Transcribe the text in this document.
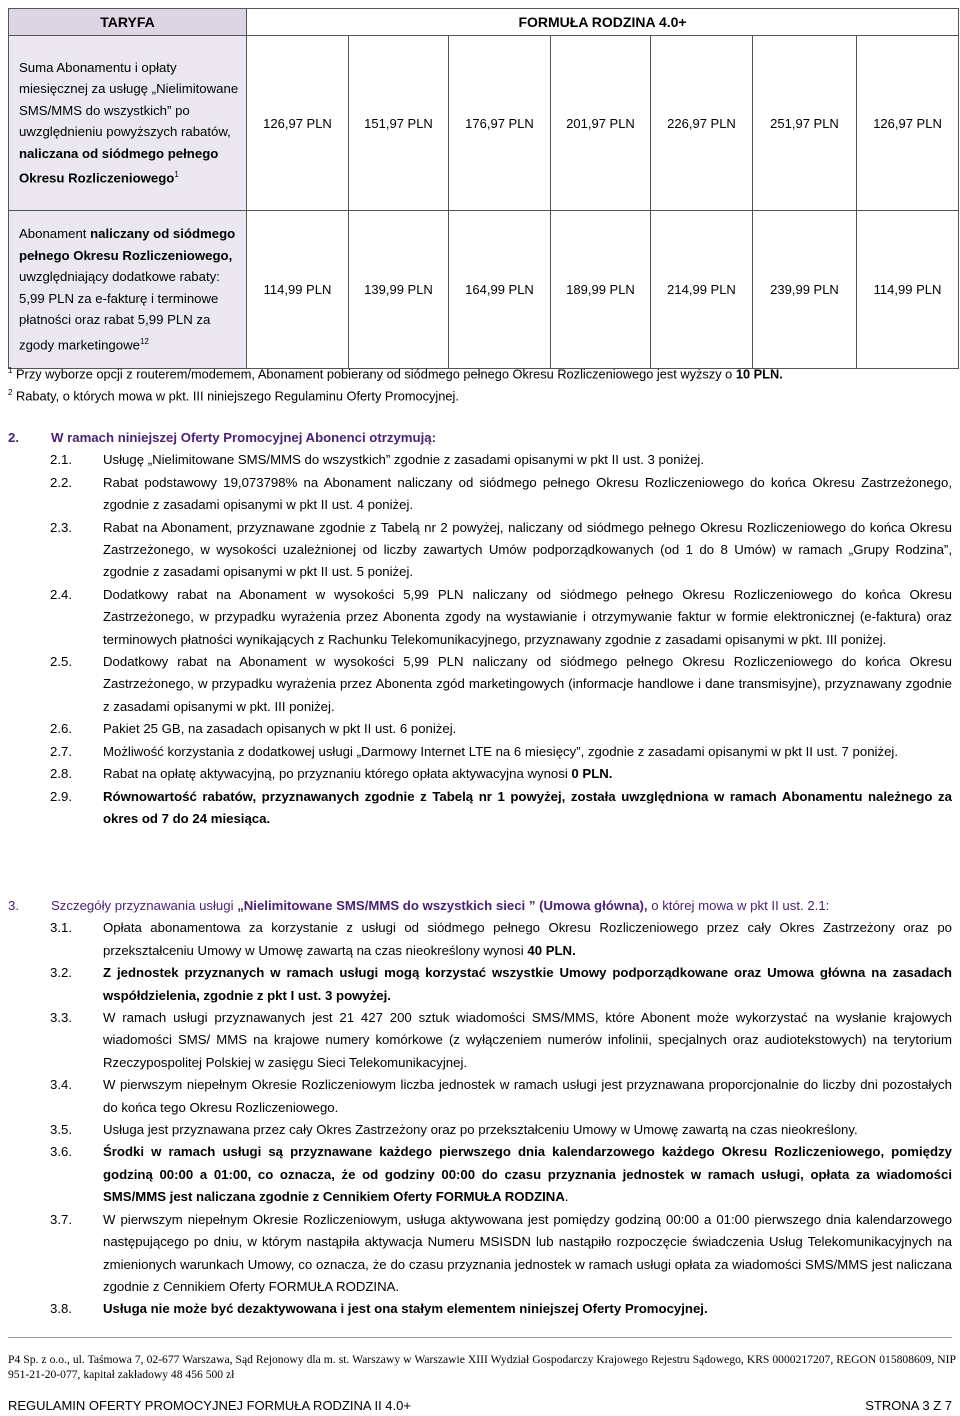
TARYFA	FORMUŁA RODZINA 4.0+						
Suma Abonamentu i opłaty miesięcznej za usługę „Nielimitowane SMS/MMS do wszystkich” po uwzględnieniu powyższych rabatów, naliczana od siódmego pełnego Okresu Rozliczeniowego$^1$	126,97 PLN	151,97 PLN	176,97 PLN	201,97 PLN	226,97 PLN	251,97 PLN	126,97 PLN
Abonament naliczany od siódmego pełnego Okresu Rozliczeniowego, uwzględniający dodatkowe rabaty: 5,99 PLN za e-fakturę i terminowe płatności oraz rabat 5,99 PLN za zgody marketingowe$^{12}$	114,99 PLN	139,99 PLN	164,99 PLN	189,99 PLN	214,99 PLN	239,99 PLN	114,99 PLN
$^1$ Przy wyborze opcji z routerem/modemem, Abonament pobierany od siódmego pełnego Okresu Rozliczeniowego jest wyższy o 10 PLN.
$^2$ Rabaty, o których mowa w pkt. III niniejszego Regulaminu Oferty Promocyjnej.
2. W ramach niniejszej Oferty Promocyjnej Abonenci otrzymują:
2.1. Usługę „Nielimitowane SMS/MMS do wszystkich” zgodnie z zasadami opisanymi w pkt II ust. 3 poniżej.
2.2. Rabat podstawowy 19,073798% na Abonament naliczany od siódmego pełnego Okresu Rozliczeniowego do końca Okresu Zastrzeżonego, zgodnie z zasadami opisanymi w pkt II ust. 4 poniżej.
2.3. Rabat na Abonament, przyznawane zgodnie z Tabelą nr 2 powyżej, naliczany od siódmego pełnego Okresu Rozliczeniowego do końca Okresu Zastrzeżonego, w wysokości uzależnionej od liczby zawartych Umów podporządkowanych (od 1 do 8 Umów) w ramach „Grupy Rodzina”, zgodnie z zasadami opisanymi w pkt II ust. 5 poniżej.
2.4. Dodatkowy rabat na Abonament w wysokości 5,99 PLN naliczany od siódmego pełnego Okresu Rozliczeniowego do końca Okresu Zastrzeżonego, w przypadku wyrażenia przez Abonenta zgody na wystawianie i otrzymywanie faktur w formie elektronicznej (e-faktura) oraz terminowych płatności wynikających z Rachunku Telekomunikacyjnego, przyznawany zgodnie z zasadami opisanymi w pkt. III poniżej.
2.5. Dodatkowy rabat na Abonament w wysokości 5,99 PLN naliczany od siódmego pełnego Okresu Rozliczeniowego do końca Okresu Zastrzeżonego, w przypadku wyrażenia przez Abonenta zgód marketingowych (informacje handlowe i dane transmisyjne), przyznawany zgodnie z zasadami opisanymi w pkt. III poniżej.
2.6. Pakiet 25 GB, na zasadach opisanych w pkt II ust. 6 poniżej.
2.7. Możliwość korzystania z dodatkowej usługi „Darmowy Internet LTE na 6 miesięcy”, zgodnie z zasadami opisanymi w pkt II ust. 7 poniżej.
2.8. Rabat na opłatę aktywacyjną, po przyznaniu którego opłata aktywacyjna wynosi 0 PLN.
2.9. Równowartość rabatów, przyznawanych zgodnie z Tabelą nr 1 powyżej, została uwzględniona w ramach Abonamentu należnego za okres od 7 do 24 miesiąca.
3. Szczegóły przyznawania usługi „Nielimitowane SMS/MMS do wszystkich sieci ” (Umowa główna), o której mowa w pkt II ust. 2.1:
3.1. Opłata abonamentowa za korzystanie z usługi od siódmego pełnego Okresu Rozliczeniowego przez cały Okres Zastrzeżony oraz po przekształceniu Umowy w Umowę zawartą na czas nieokreślony wynosi 40 PLN.
3.2. Z jednostek przyznanych w ramach usługi mogą korzystać wszystkie Umowy podporządkowane oraz Umowa główna na zasadach współdzielenia, zgodnie z pkt I ust. 3 powyżej.
3.3. W ramach usługi przyznawanych jest 21 427 200 sztuk wiadomości SMS/MMS, które Abonent może wykorzystać na wysłanie krajowych wiadomości SMS/ MMS na krajowe numery komórkowe (z wyłączeniem numerów infolinii, specjalnych oraz audiotekstowych) na terytorium Rzeczypospolitej Polskiej w zasięgu Sieci Telekomunikacyjnej.
3.4. W pierwszym niepełnym Okresie Rozliczeniowym liczba jednostek w ramach usługi jest przyznawana proporcjonalnie do liczby dni pozostałych do końca tego Okresu Rozliczeniowego.
3.5. Usługa jest przyznawana przez cały Okres Zastrzeżony oraz po przekształceniu Umowy w Umowę zawartą na czas nieokreślony.
3.6. Środki w ramach usługi są przyznawane każdego pierwszego dnia kalendarzowego każdego Okresu Rozliczeniowego, pomiędzy godziną 00:00 a 01:00, co oznacza, że od godziny 00:00 do czasu przyznania jednostek w ramach usługi, opłata za wiadomości SMS/MMS jest naliczana zgodnie z Cennikiem Oferty FORMUŁA RODZINA.
3.7. W pierwszym niepełnym Okresie Rozliczeniowym, usługa aktywowana jest pomiędzy godziną 00:00 a 01:00 pierwszego dnia kalendarzowego następującego po dniu, w którym nastąpiła aktywacja Numeru MSISDN lub nastąpiło rozpoczęcie świadczenia Usług Telekomunikacyjnych na zmienionych warunkach Umowy, co oznacza, że do czasu przyznania jednostek w ramach usługi opłata za wiadomości SMS/MMS jest naliczana zgodnie z Cennikiem Oferty FORMUŁA RODZINA.
3.8. Usługa nie może być dezaktywowana i jest ona stałym elementem niniejszej Oferty Promocyjnej.
P4 Sp. z o.o., ul. Taśmowa 7, 02-677 Warszawa, Sąd Rejonowy dla m. st. Warszawy w Warszawie XIII Wydział Gospodarczy Krajowego Rejestru Sądowego, KRS 0000217207, REGON 015808609, NIP 951-21-20-077, kapitał zakładowy 48 456 500 zł
REGULAMIN OFERTY PROMOCYJNEJ FORMUŁA RODZINA II 4.0+	STRONA 3 Z 7
